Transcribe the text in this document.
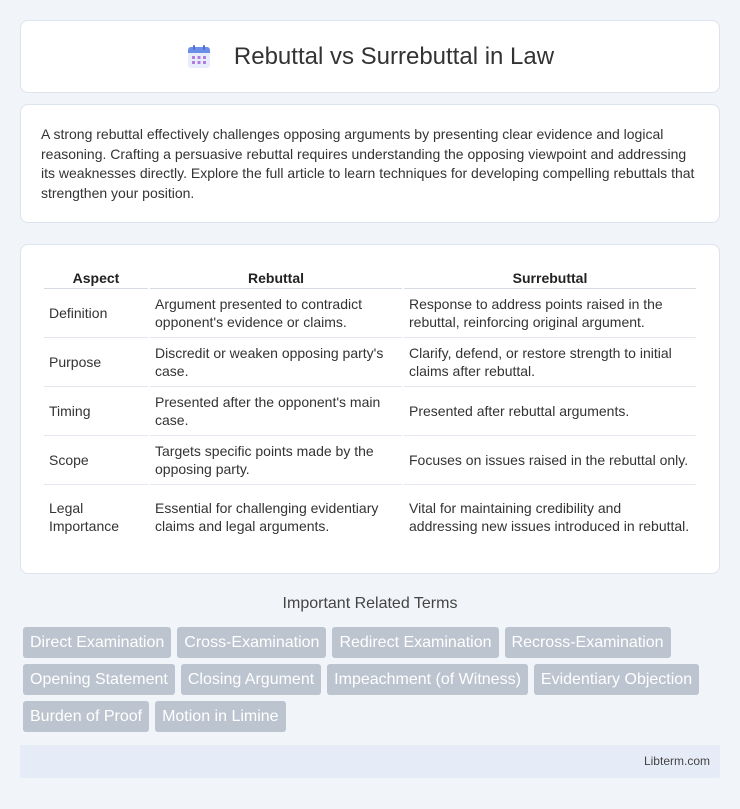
Rebuttal vs Surrebuttal in Law

A strong rebuttal effectively challenges opposing arguments by presenting clear evidence and logical reasoning. Crafting a persuasive rebuttal requires understanding the opposing viewpoint and addressing its weaknesses directly. Explore the full article to learn techniques for developing compelling rebuttals that strengthen your position.

Aspect	Rebuttal	Surrebuttal
Definition	Argument presented to contradict opponent's evidence or claims.	Response to address points raised in the rebuttal, reinforcing original argument.
Purpose	Discredit or weaken opposing party's case.	Clarify, defend, or restore strength to initial claims after rebuttal.
Timing	Presented after the opponent's main case.	Presented after rebuttal arguments.
Scope	Targets specific points made by the opposing party.	Focuses on issues raised in the rebuttal only.
Legal Importance	Essential for challenging evidentiary claims and legal arguments.	Vital for maintaining credibility and addressing new issues introduced in rebuttal.
Important Related Terms
Direct Examination	Cross-Examination	Redirect Examination	Recross-Examination
Opening Statement	Closing Argument	Impeachment (of Witness)	Evidentiary Objection
Burden of Proof	Motion in Limine
Libterm.com
